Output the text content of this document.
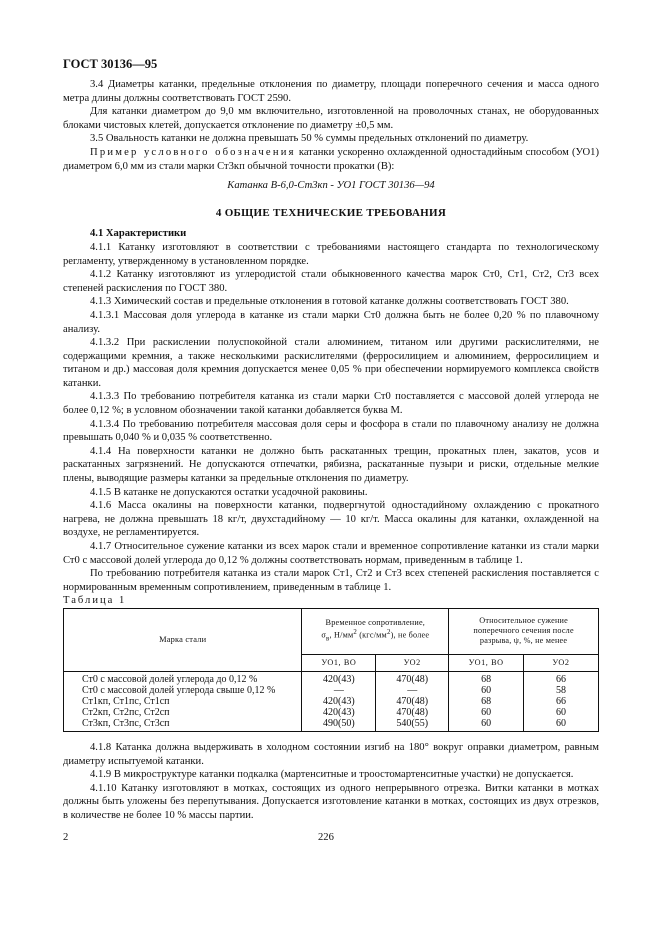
ГОСТ 30136—95

3.4 Диаметры катанки, предельные отклонения по диаметру, площади поперечного сечения и масса одного метра длины должны соответствовать ГОСТ 2590.

Для катанки диаметром до 9,0 мм включительно, изготовленной на проволочных станах, не оборудованных блоками чистовых клетей, допускается отклонение по диаметру ±0,5 мм.

3.5 Овальность катанки не должна превышать 50 % суммы предельных отклонений по диаметру.

Пример условного обозначения катанки ускоренно охлажденной одностадийным способом (УО1) диаметром 6,0 мм из стали марки Ст3кп обычной точности прокатки (В):

Катанка В-6,0-Ст3кп - УО1 ГОСТ 30136—94

4 ОБЩИЕ ТЕХНИЧЕСКИЕ ТРЕБОВАНИЯ

4.1 Характеристики

4.1.1 Катанку изготовляют в соответствии с требованиями настоящего стандарта по технологическому регламенту, утвержденному в установленном порядке.

4.1.2 Катанку изготовляют из углеродистой стали обыкновенного качества марок Ст0, Ст1, Ст2, Ст3 всех степеней раскисления по ГОСТ 380.

4.1.3 Химический состав и предельные отклонения в готовой катанке должны соответствовать ГОСТ 380.

4.1.3.1 Массовая доля углерода в катанке из стали марки Ст0 должна быть не более 0,20 % по плавочному анализу.

4.1.3.2 При раскислении полуспокойной стали алюминием, титаном или другими раскислителями, не содержащими кремния, а также несколькими раскислителями (ферросилицием и алюминием, ферросилицием и титаном и др.) массовая доля кремния допускается менее 0,05 % при обеспечении нормируемого комплекса свойств катанки.

4.1.3.3 По требованию потребителя катанка из стали марки Ст0 поставляется с массовой долей углерода не более 0,12 %; в условном обозначении такой катанки добавляется буква М.

4.1.3.4 По требованию потребителя массовая доля серы и фосфора в стали по плавочному анализу не должна превышать 0,040 % и 0,035 % соответственно.

4.1.4 На поверхности катанки не должно быть раскатанных трещин, прокатных плен, закатов, усов и раскатанных загрязнений. Не допускаются отпечатки, рябизна, раскатанные пузыри и риски, отдельные мелкие плены, выводящие размеры катанки за предельные отклонения по диаметру.

4.1.5 В катанке не допускаются остатки усадочной раковины.

4.1.6 Масса окалины на поверхности катанки, подвергнутой одностадийному охлаждению с прокатного нагрева, не должна превышать 18 кг/т, двухстадийному — 10 кг/т. Масса окалины для катанки, охлажденной на воздухе, не регламентируется.

4.1.7 Относительное сужение катанки из всех марок стали и временное сопротивление катанки из стали марки Ст0 с массовой долей углерода до 0,12 % должны соответствовать нормам, приведенным в таблице 1.

По требованию потребителя катанка из стали марок Ст1, Ст2 и Ст3 всех степеней раскисления поставляется с нормированным временным сопротивлением, приведенным в таблице 1.

Таблица 1

Марка стали	Временное сопротивление,
$\sigma_в$, $Н/мм^2$ $(кгс/мм^2)$, не более		Относительное сужение поперечного сечения после разрыва, ψ, %, не менее	
	УО1, ВО	УО2	УО1, ВО	УО2
Ст0 с массовой долей углерода до 0,12 %	420(43)	470(48)	68	66
Ст0 с массовой долей углерода свыше 0,12 %	—	—	60	58
Ст1кп, Ст1пс, Ст1сп	420(43)	470(48)	68	66
Ст2кп, Ст2пс, Ст2сп	420(43)	470(48)	60	60
Ст3кп, Ст3пс, Ст3сп	490(50)	540(55)	60	60

4.1.8 Катанка должна выдерживать в холодном состоянии изгиб на 180° вокруг оправки диаметром, равным диаметру испытуемой катанки.

4.1.9 В микроструктуре катанки подкалка (мартенситные и троостомартенситные участки) не допускается.

4.1.10 Катанку изготовляют в мотках, состоящих из одного непрерывного отрезка. Витки катанки в мотках должны быть уложены без перепутывания. Допускается изготовление катанки в мотках, состоящих из двух отрезков, в количестве не более 10 % массы партии.

2	226
